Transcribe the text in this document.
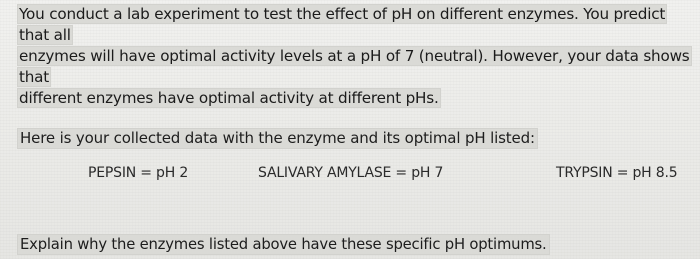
You conduct a lab experiment to test the effect of pH on different enzymes. You predict that all
enzymes will have optimal activity levels at a pH of 7 (neutral). However, your data shows that
different enzymes have optimal activity at different pHs.
Here is your collected data with the enzyme and its optimal pH listed:
PEPSIN = pH 2	SALIVARY AMYLASE = pH 7	TRYPSIN = pH 8.5
Explain why the enzymes listed above have these specific pH optimums.
